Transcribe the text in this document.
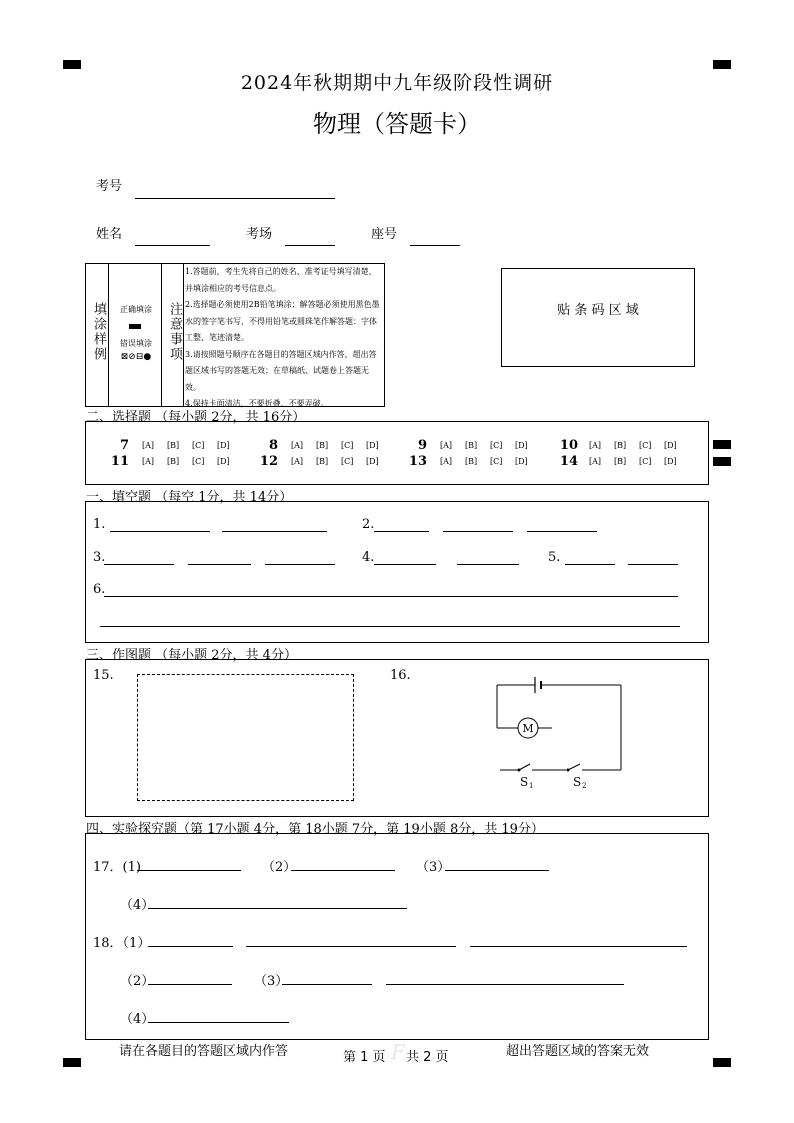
2024年秋期期中九年级阶段性调研
物理（答题卡）
考号
姓名	考场	座号
填涂样例	正确填涂
错误填涂
⊠⊘⊟●	注意事项
1.答题前，考生先将自己的姓名、准考证号填写清楚，并填涂相应的考号信息点。
2.选择题必须使用2B铅笔填涂；解答题必须使用黑色墨水的签字笔书写，不得用铅笔或圆珠笔作解答题：字体工整、笔迹清楚。
3.请按照题号顺序在各题目的答题区域内作答，超出答题区域书写的答题无效；在草稿纸、试题卷上答题无效。
4.保持卡面清洁，不要折叠、不要弄破。
贴 条 码 区 域
二、选择题 （每小题 2分，共 16分）
7 [A] [B] [C] [D]	8 [A] [B] [C] [D]	9 [A] [B] [C] [D]	10 [A] [B] [C] [D]
11 [A] [B] [C] [D]	12 [A] [B] [C] [D]	13 [A] [B] [C] [D]	14 [A] [B] [C] [D]
一、填空题 （每空 1分，共 14分）
1.	2.
3.	4.	5.
6.
三、作图题 （每小题 2分，共 4分）
15.	16.
M
S 1	S 2
四、实验探究题（第 17小题 4分，第 18小题 7分，第 19小题 8分，共 19分）
17．(1)	（2）	（3）
（4）
18．（1）
（2）	（3）
（4）
请在各题目的答题区域内作答	第 1 页 F 共 2 页	超出答题区域的答案无效
